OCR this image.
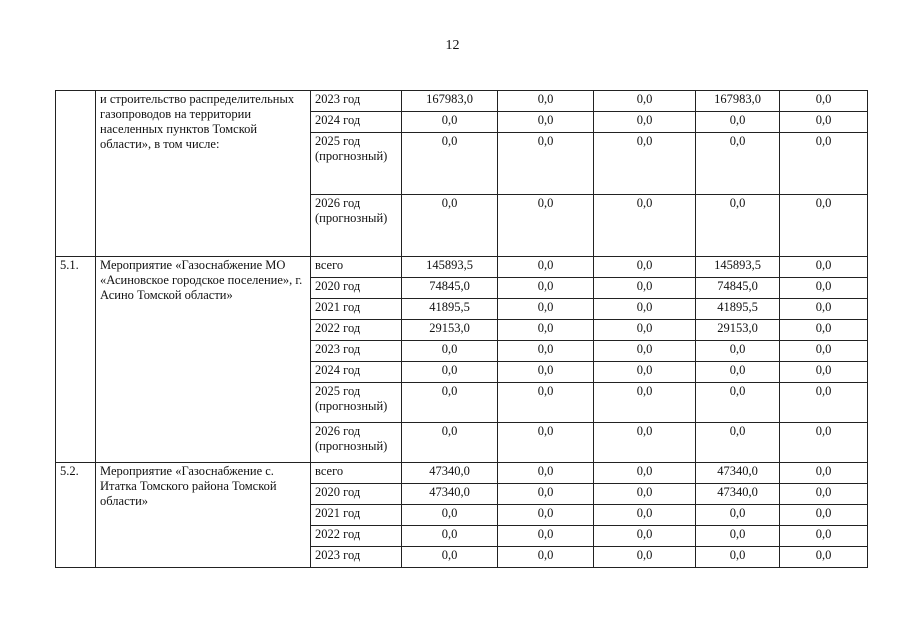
12
	и строительство распределительных газопроводов на территории населенных пунктов Томской области», в том числе:	2023 год	167983,0	0,0	0,0	167983,0	0,0
		2024 год	0,0	0,0	0,0	0,0	0,0
		2025 год (прогнозный)	0,0	0,0	0,0	0,0	0,0
		2026 год (прогнозный)	0,0	0,0	0,0	0,0	0,0
5.1.	Мероприятие «Газоснабжение МО «Асиновское городское поселение», г. Асино Томской области»	всего	145893,5	0,0	0,0	145893,5	0,0
		2020 год	74845,0	0,0	0,0	74845,0	0,0
		2021 год	41895,5	0,0	0,0	41895,5	0,0
		2022 год	29153,0	0,0	0,0	29153,0	0,0
		2023 год	0,0	0,0	0,0	0,0	0,0
		2024 год	0,0	0,0	0,0	0,0	0,0
		2025 год (прогнозный)	0,0	0,0	0,0	0,0	0,0
		2026 год (прогнозный)	0,0	0,0	0,0	0,0	0,0
5.2.	Мероприятие «Газоснабжение с. Итатка Томского района Томской области»	всего	47340,0	0,0	0,0	47340,0	0,0
		2020 год	47340,0	0,0	0,0	47340,0	0,0
		2021 год	0,0	0,0	0,0	0,0	0,0
		2022 год	0,0	0,0	0,0	0,0	0,0
		2023 год	0,0	0,0	0,0	0,0	0,0
